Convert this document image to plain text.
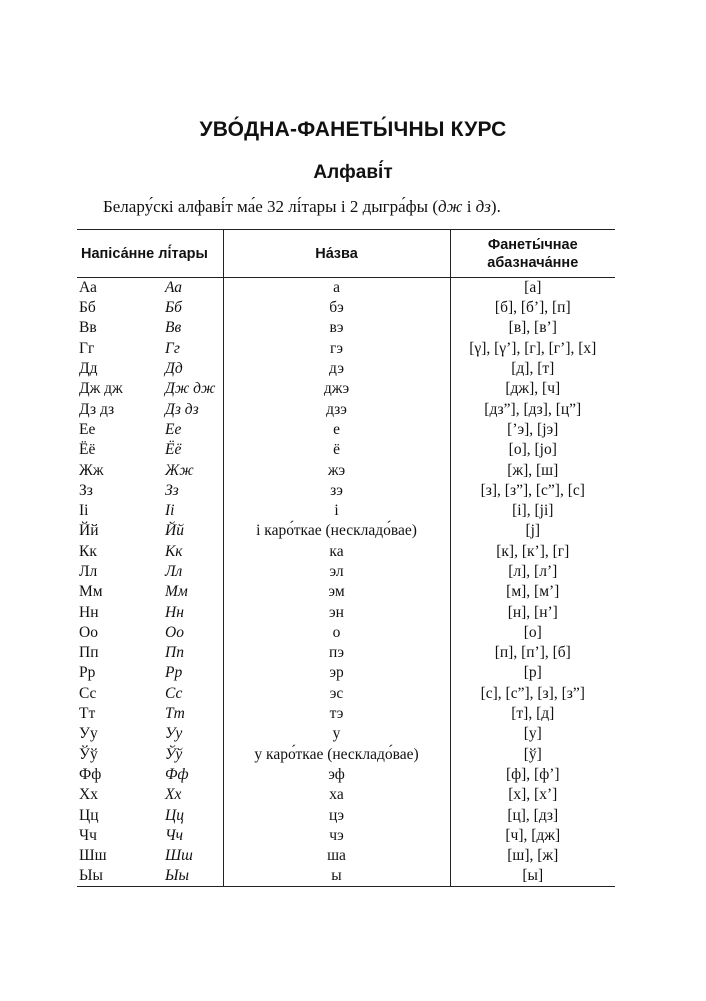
УВО́ДНА-ФАНЕТЫ́ЧНЫ КУРС
Алфаві́т
Белару́скі алфаві́т ма́е 32 лі́тары і 2 дыгра́фы (дж і дз).
Напіса́нне лі́тары		На́зва	Фанеты́чнае
абазнача́нне
Аа	Аа	а	[а]
Бб	Бб	бэ	[б], [б’], [п]
Вв	Вв	вэ	[в], [в’]
Гг	Гг	гэ	[γ], [γ’], [г], [г’], [х]
Дд	Дд	дэ	[д], [т]
Дж дж	Дж дж	джэ	[дж], [ч]
Дз дз	Дз дз	дзэ	[дз”], [дз], [ц”]
Ее	Ее	е	[’э], [jэ]
Ёё	Ёё	ё	[о], [jо]
Жж	Жж	жэ	[ж], [ш]
Зз	Зз	зэ	[з], [з”], [с”], [с]
Іі	Іі	і	[і], [jі]
Йй	Йй	і каро́ткае (нескладо́вае)	[j]
Кк	Кк	ка	[к], [к’], [г]
Лл	Лл	эл	[л], [л’]
Мм	Мм	эм	[м], [м’]
Нн	Нн	эн	[н], [н’]
Оо	Оо	о	[о]
Пп	Пп	пэ	[п], [п’], [б]
Рр	Рр	эр	[р]
Сс	Сс	эс	[с], [с”], [з], [з”]
Тт	Тт	тэ	[т], [д]
Уу	Уу	у	[у]
Ўў	Ўў	у каро́ткае (нескладо́вае)	[ў]
Фф	Фф	эф	[ф], [ф’]
Хх	Хх	ха	[х], [х’]
Цц	Цц	цэ	[ц], [дз]
Чч	Чч	чэ	[ч], [дж]
Шш	Шш	ша	[ш], [ж]
Ыы	Ыы	ы	[ы]
